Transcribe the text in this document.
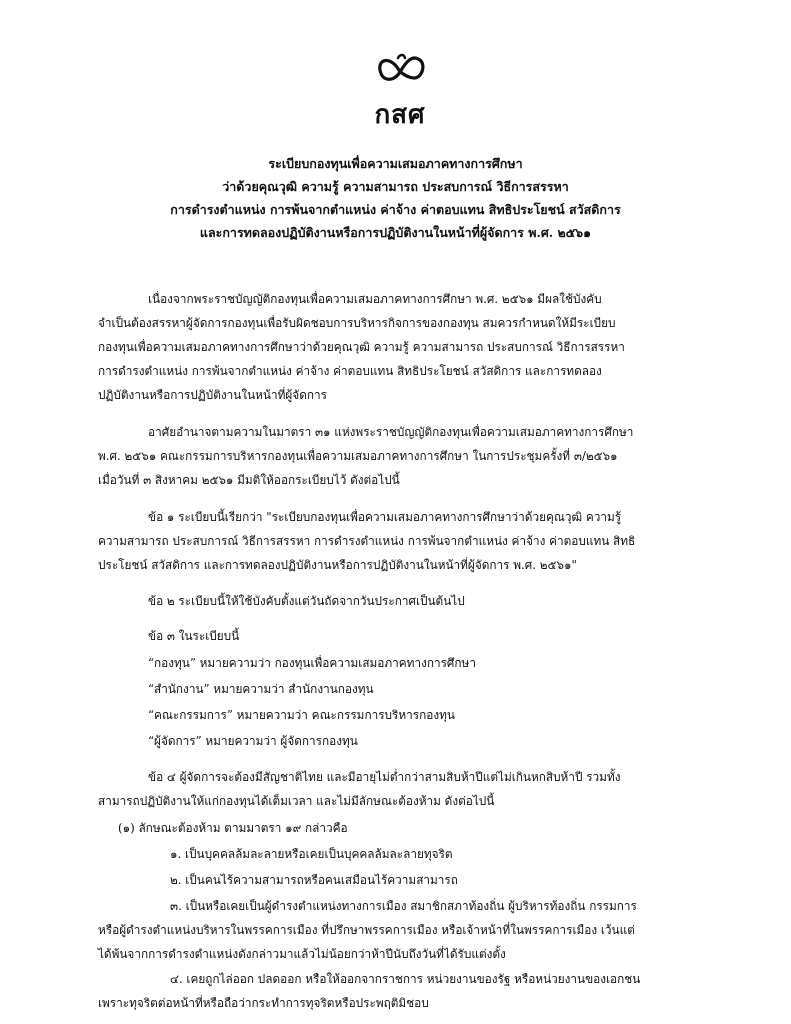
กสศ
ระเบียบกองทุนเพื่อความเสมอภาคทางการศึกษา
ว่าด้วยคุณวุฒิ ความรู้ ความสามารถ ประสบการณ์ วิธีการสรรหา
การดำรงตำแหน่ง การพ้นจากตำแหน่ง ค่าจ้าง ค่าตอบแทน สิทธิประโยชน์ สวัสดิการ
และการทดลองปฏิบัติงานหรือการปฏิบัติงานในหน้าที่ผู้จัดการ พ.ศ. ๒๕๖๑
เนื่องจากพระราชบัญญัติกองทุนเพื่อความเสมอภาคทางการศึกษา พ.ศ. ๒๕๖๑ มีผลใช้บังคับ
จำเป็นต้องสรรหาผู้จัดการกองทุนเพื่อรับผิดชอบการบริหารกิจการของกองทุน สมควรกำหนดให้มีระเบียบ
กองทุนเพื่อความเสมอภาคทางการศึกษาว่าด้วยคุณวุฒิ ความรู้ ความสามารถ ประสบการณ์ วิธีการสรรหา
การดำรงตำแหน่ง การพ้นจากตำแหน่ง ค่าจ้าง ค่าตอบแทน สิทธิประโยชน์ สวัสดิการ และการทดลอง
ปฏิบัติงานหรือการปฏิบัติงานในหน้าที่ผู้จัดการ
อาศัยอำนาจตามความในมาตรา ๓๑ แห่งพระราชบัญญัติกองทุนเพื่อความเสมอภาคทางการศึกษา
พ.ศ. ๒๕๖๑ คณะกรรมการบริหารกองทุนเพื่อความเสมอภาคทางการศึกษา ในการประชุมครั้งที่ ๓/๒๕๖๑
เมื่อวันที่ ๓ สิงหาคม ๒๕๖๑ มีมติให้ออกระเบียบไว้ ดังต่อไปนี้
ข้อ ๑ ระเบียบนี้เรียกว่า "ระเบียบกองทุนเพื่อความเสมอภาคทางการศึกษาว่าด้วยคุณวุฒิ ความรู้
ความสามารถ ประสบการณ์ วิธีการสรรหา การดำรงตำแหน่ง การพ้นจากตำแหน่ง ค่าจ้าง ค่าตอบแทน สิทธิ
ประโยชน์ สวัสดิการ และการทดลองปฏิบัติงานหรือการปฏิบัติงานในหน้าที่ผู้จัดการ พ.ศ. ๒๕๖๑"
ข้อ ๒ ระเบียบนี้ให้ใช้บังคับตั้งแต่วันถัดจากวันประกาศเป็นต้นไป
ข้อ ๓ ในระเบียบนี้
“กองทุน” หมายความว่า กองทุนเพื่อความเสมอภาคทางการศึกษา
“สำนักงาน” หมายความว่า สำนักงานกองทุน
“คณะกรรมการ” หมายความว่า คณะกรรมการบริหารกองทุน
“ผู้จัดการ” หมายความว่า ผู้จัดการกองทุน
ข้อ ๔ ผู้จัดการจะต้องมีสัญชาติไทย และมีอายุไม่ต่ำกว่าสามสิบห้าปีแต่ไม่เกินหกสิบห้าปี รวมทั้ง
สามารถปฏิบัติงานให้แก่กองทุนได้เต็มเวลา และไม่มีลักษณะต้องห้าม ดังต่อไปนี้
(๑) ลักษณะต้องห้าม ตามมาตรา ๑๙ กล่าวคือ
๑. เป็นบุคคลล้มละลายหรือเคยเป็นบุคคลล้มละลายทุจริต
๒. เป็นคนไร้ความสามารถหรือคนเสมือนไร้ความสามารถ
๓. เป็นหรือเคยเป็นผู้ดำรงตำแหน่งทางการเมือง สมาชิกสภาท้องถิ่น ผู้บริหารท้องถิ่น กรรมการ
หรือผู้ดำรงตำแหน่งบริหารในพรรคการเมือง ที่ปรึกษาพรรคการเมือง หรือเจ้าหน้าที่ในพรรคการเมือง เว้นแต่
ได้พ้นจากการดำรงตำแหน่งดังกล่าวมาแล้วไม่น้อยกว่าห้าปีนับถึงวันที่ได้รับแต่งตั้ง
๔. เคยถูกไล่ออก ปลดออก หรือให้ออกจากราชการ หน่วยงานของรัฐ หรือหน่วยงานของเอกชน
เพราะทุจริตต่อหน้าที่หรือถือว่ากระทำการทุจริตหรือประพฤติมิชอบ
